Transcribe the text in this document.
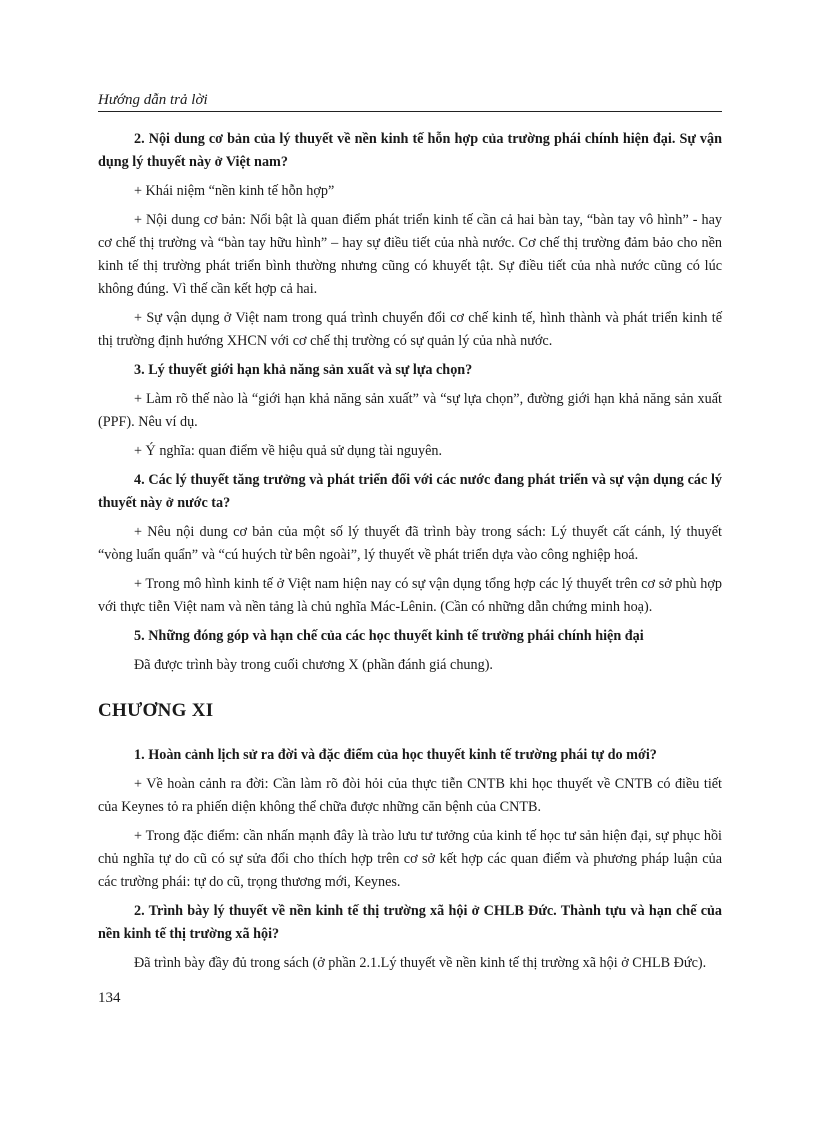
Hướng dẫn trả lời

2. Nội dung cơ bản của lý thuyết về nền kinh tế hỗn hợp của trường phái chính hiện đại. Sự vận dụng lý thuyết này ở Việt nam?

+ Khái niệm “nền kinh tế hỗn hợp”

+ Nội dung cơ bản: Nổi bật là quan điểm phát triển kinh tế cần cả hai bàn tay, “bàn tay vô hình” - hay cơ chế thị trường và “bàn tay hữu hình” – hay sự điều tiết của nhà nước. Cơ chế thị trường đảm bảo cho nền kinh tế thị trường phát triển bình thường nhưng cũng có khuyết tật. Sự điều tiết của nhà nước cũng có lúc không đúng. Vì thế cần kết hợp cả hai.

+ Sự vận dụng ở Việt nam trong quá trình chuyển đổi cơ chế kinh tế, hình thành và phát triển kinh tế thị trường định hướng XHCN với cơ chế thị trường có sự quản lý của nhà nước.

3. Lý thuyết giới hạn khả năng sản xuất và sự lựa chọn?

+ Làm rõ thế nào là “giới hạn khả năng sản xuất” và “sự lựa chọn”, đường giới hạn khả năng sản xuất (PPF). Nêu ví dụ.

+ Ý nghĩa: quan điểm về hiệu quả sử dụng tài nguyên.

4. Các lý thuyết tăng trưởng và phát triển đối với các nước đang phát triển và sự vận dụng các lý thuyết này ở nước ta?

+ Nêu nội dung cơ bản của một số lý thuyết đã trình bày trong sách: Lý thuyết cất cánh, lý thuyết “vòng luẩn quẩn” và “cú huých từ bên ngoài”, lý thuyết về phát triển dựa vào công nghiệp hoá.

+ Trong mô hình kinh tế ở Việt nam hiện nay có sự vận dụng tổng hợp các lý thuyết trên cơ sở phù hợp với thực tiễn Việt nam và nền tảng là chủ nghĩa Mác-Lênin. (Cần có những dẫn chứng minh hoạ).

5. Những đóng góp và hạn chế của các học thuyết kinh tế trường phái chính hiện đại

Đã được trình bày trong cuối chương X (phần đánh giá chung).

CHƯƠNG XI

1. Hoàn cảnh lịch sử ra đời và đặc điểm của học thuyết kinh tế trường phái tự do mới?

+ Về hoàn cảnh ra đời: Cần làm rõ đòi hỏi của thực tiễn CNTB khi học thuyết về CNTB có điều tiết của Keynes tỏ ra phiến diện không thể chữa được những căn bệnh của CNTB.

+ Trong đặc điểm: cần nhấn mạnh đây là trào lưu tư tưởng của kinh tế học tư sản hiện đại, sự phục hồi chủ nghĩa tự do cũ có sự sửa đổi cho thích hợp trên cơ sở kết hợp các quan điểm và phương pháp luận của các trường phái: tự do cũ, trọng thương mới, Keynes.

2. Trình bày lý thuyết về nền kinh tế thị trường xã hội ở CHLB Đức. Thành tựu và hạn chế của nền kinh tế thị trường xã hội?

Đã trình bày đầy đủ trong sách (ở phần 2.1.Lý thuyết về nền kinh tế thị trường xã hội ở CHLB Đức).

134
